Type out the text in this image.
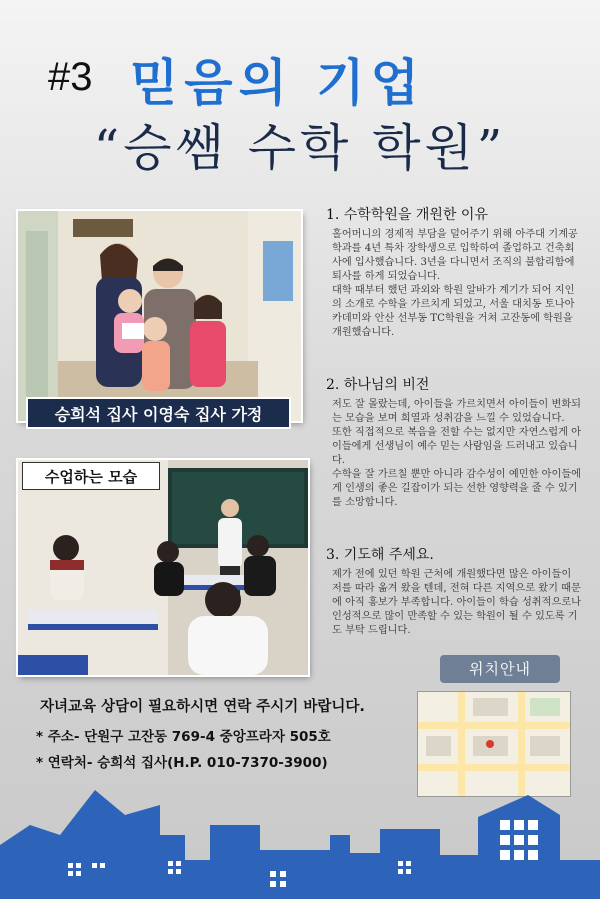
#3 믿음의 기업
“승쌤 수학 학원”
승희석 집사 이영숙 집사 가정
수업하는 모습
1. 수학학원을 개원한 이유

홀어머니의 경제적 부담을 덜어주기 위해 아주대 기계공학과를 4년 특차 장학생으로 입학하여 졸업하고 건축회사에 입사했습니다. 3년을 다니면서 조직의 불합리함에 퇴사를 하게 되었습니다.

대학 때부터 했던 과외와 학원 알바가 계기가 되어 지인의 소개로 수학을 가르치게 되었고, 서울 대치동 토나아카데미와 안산 선부동 TC학원을 거쳐 고잔동에 학원을 개원했습니다.

2. 하나님의 비전

저도 잘 몰랐는데, 아이들을 가르치면서 아이들이 변화되는 모습을 보며 희열과 성취감을 느낄 수 있었습니다.

또한 직접적으로 복음을 전할 수는 없지만 자연스럽게 아이들에게 선생님이 예수 믿는 사람임을 드러내고 있습니다.

수학을 잘 가르칠 뿐만 아니라 감수성이 예민한 아이들에게 인생의 좋은 길잡이가 되는 선한 영향력을 줄 수 있기를 소망합니다.

3. 기도해 주세요.

제가 전에 있던 학원 근처에 개원했다면 많은 아이들이 저를 따라 옮겨 왔을 텐데, 전혀 다른 지역으로 왔기 때문에 아직 홍보가 부족합니다. 아이들이 학습 성취적으로나 인성적으로 많이 만족할 수 있는 학원이 될 수 있도록 기도 부탁 드립니다.

위치안내
자녀교육 상담이 필요하시면 연락 주시기 바랍니다.
* 주소- 단원구 고잔동 769-4 중앙프라자 505호
* 연락처- 승희석 집사(H.P. 010-7370-3900)
